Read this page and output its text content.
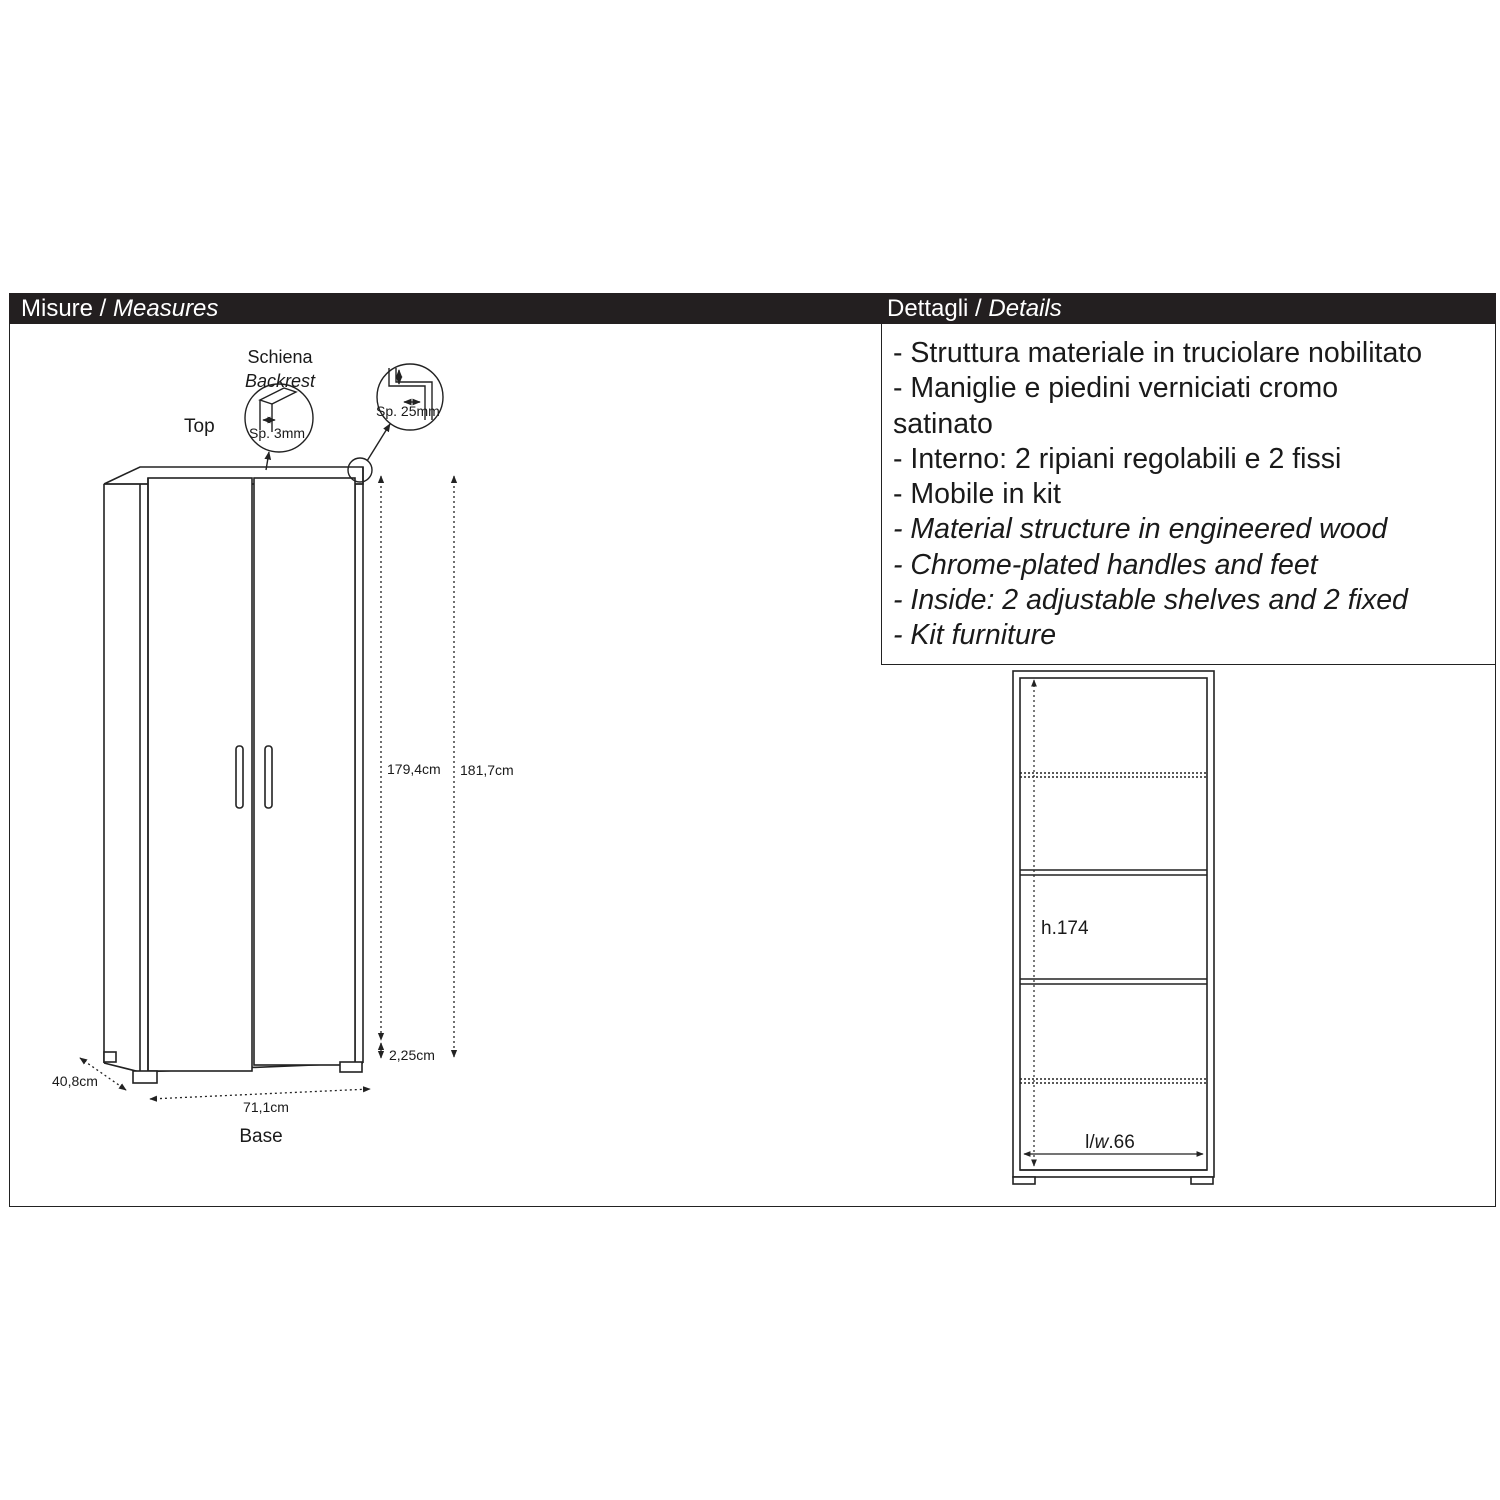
Misure / Measures	Dettagli / Details
- Struttura materiale in truciolare nobilitato
- Maniglie e piedini verniciati cromo
satinato
- Interno: 2 ripiani regolabili e 2 fissi
- Mobile in kit
- Material structure in engineered wood
- Chrome-plated handles and feet
- Inside: 2 adjustable shelves and 2 fixed
- Kit furniture
Schiena
Backrest
Sp. 3mm
Top
Sp. 25mm
179,4cm 181,7cm
2,25cm
40,8cm
71,1cm
Base
h.174
l/w.66
